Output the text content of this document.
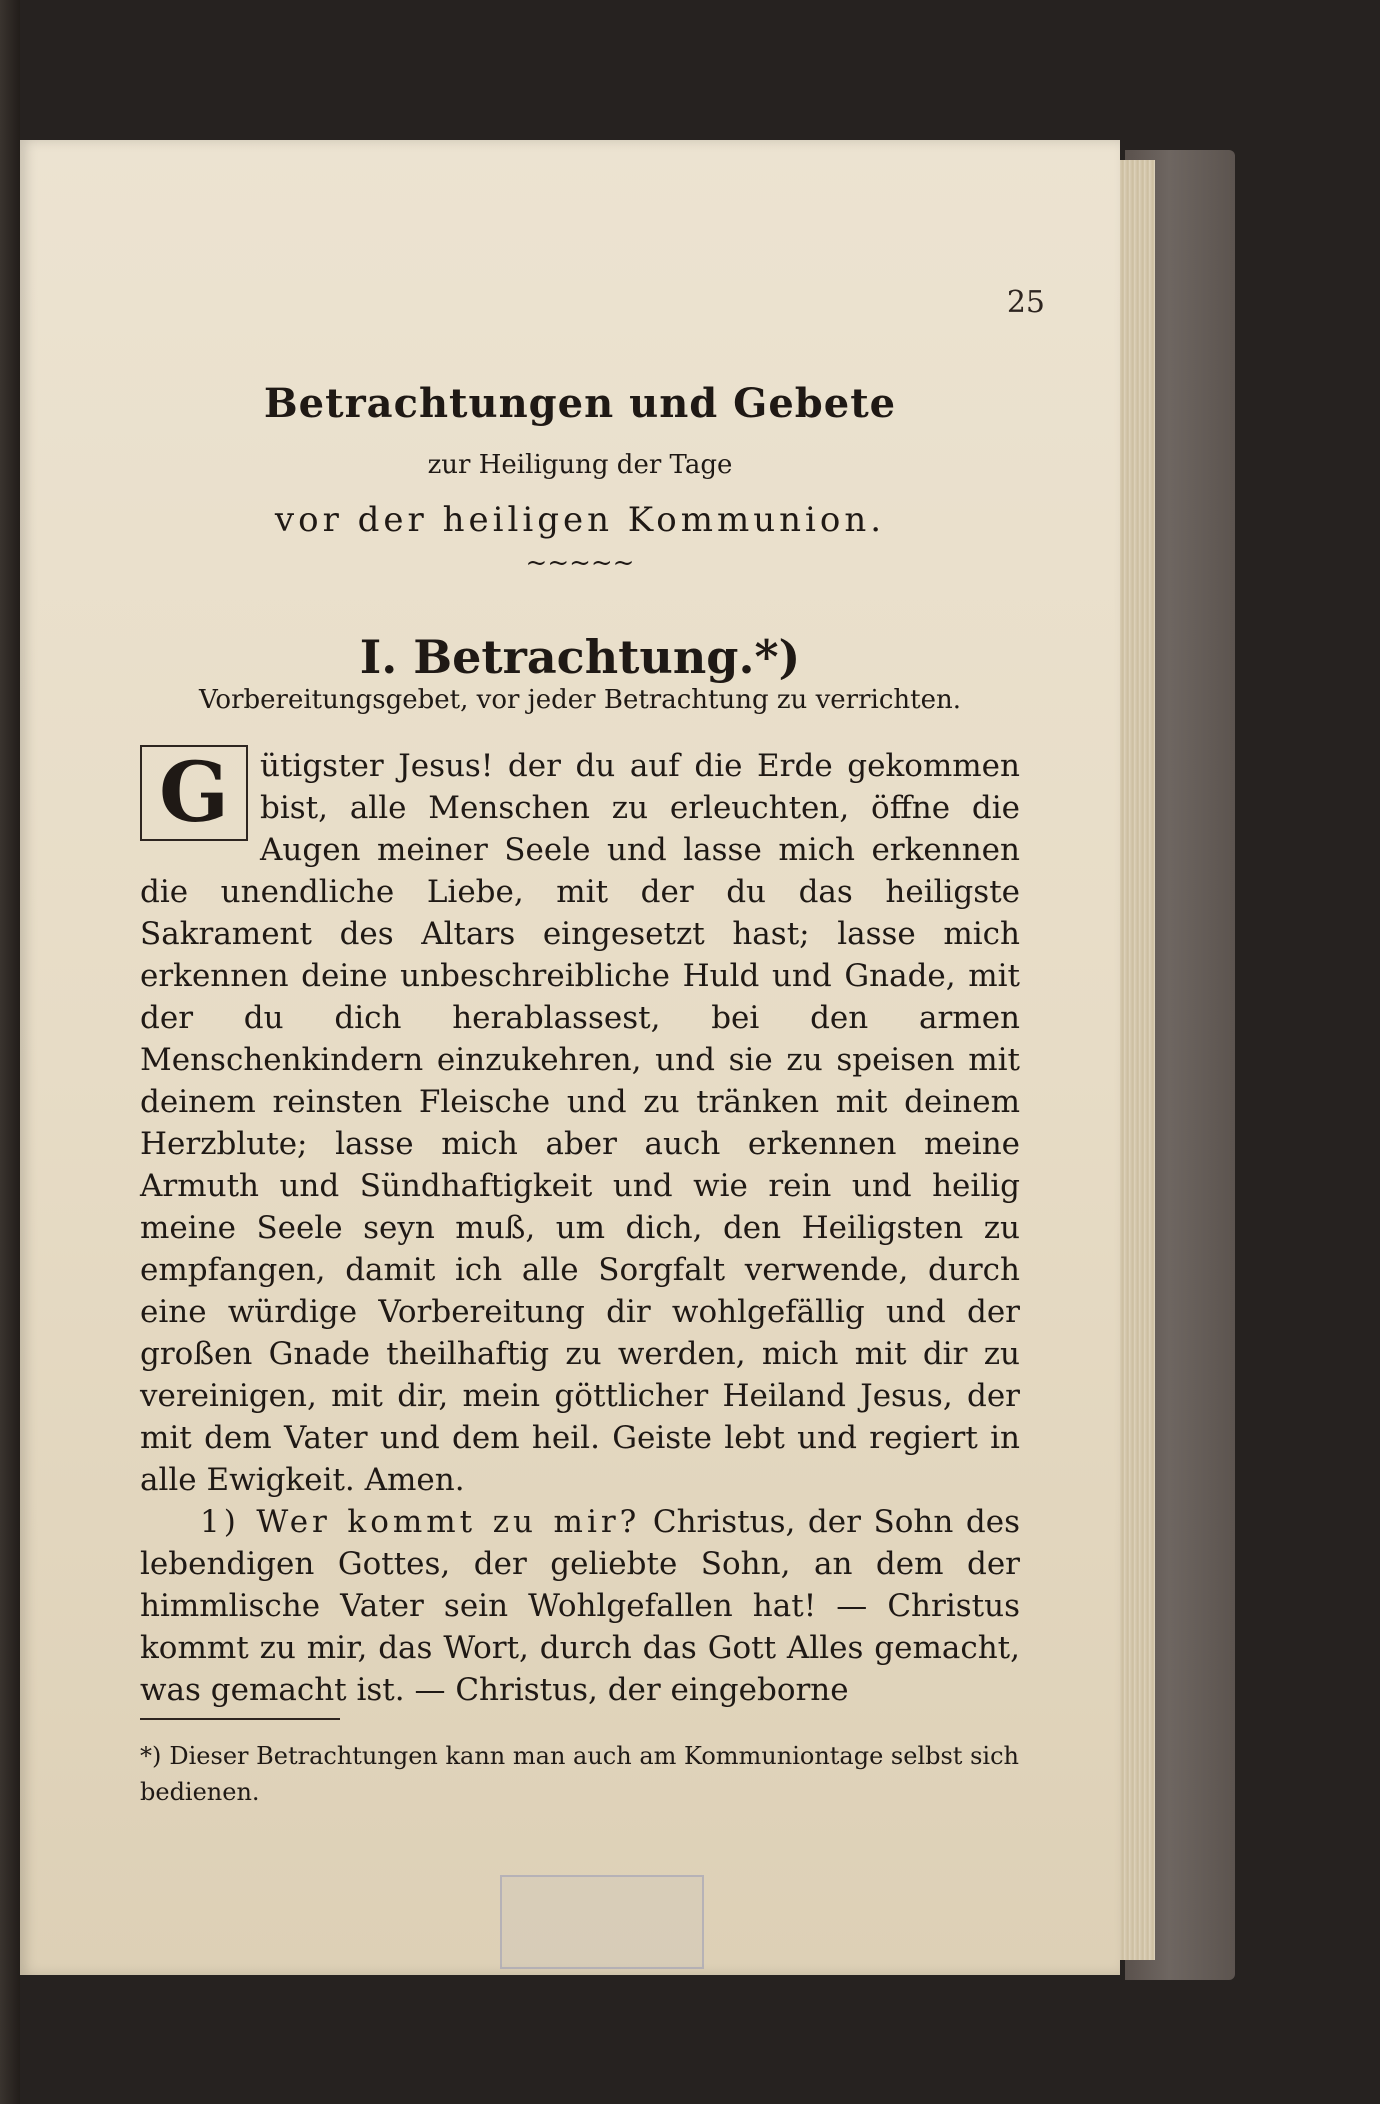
25
Betrachtungen und Gebete
zur Heiligung der Tage
vor der heiligen Kommunion.
~~~~~
I. Betrachtung.*)
Vorbereitungsgebet, vor jeder Betrachtung zu verrichten.

G ütigster Jesus! der du auf die Erde gekommen bist, alle Menschen zu erleuchten, öffne die Augen meiner Seele und lasse mich erkennen die unendliche Liebe, mit der du das heiligste Sakrament des Altars eingesetzt hast; lasse mich erkennen deine unbeschreibliche Huld und Gnade, mit der du dich herablassest, bei den armen Menschenkindern einzukehren, und sie zu speisen mit deinem reinsten Fleische und zu tränken mit deinem Herzblute; lasse mich aber auch erkennen meine Armuth und Sündhaftigkeit und wie rein und heilig meine Seele seyn muß, um dich, den Heiligsten zu empfangen, damit ich alle Sorgfalt verwende, durch eine würdige Vorbereitung dir wohlgefällig und der großen Gnade theilhaftig zu werden, mich mit dir zu vereinigen, mit dir, mein göttlicher Heiland Jesus, der mit dem Vater und dem heil. Geiste lebt und regiert in alle Ewigkeit. Amen.

1) Wer kommt zu mir? Christus, der Sohn des lebendigen Gottes, der geliebte Sohn, an dem der himmlische Vater sein Wohlgefallen hat! — Christus kommt zu mir, das Wort, durch das Gott Alles gemacht, was gemacht ist. — Christus, der eingeborne

*) Dieser Betrachtungen kann man auch am Kommuniontage selbst sich bedienen.
